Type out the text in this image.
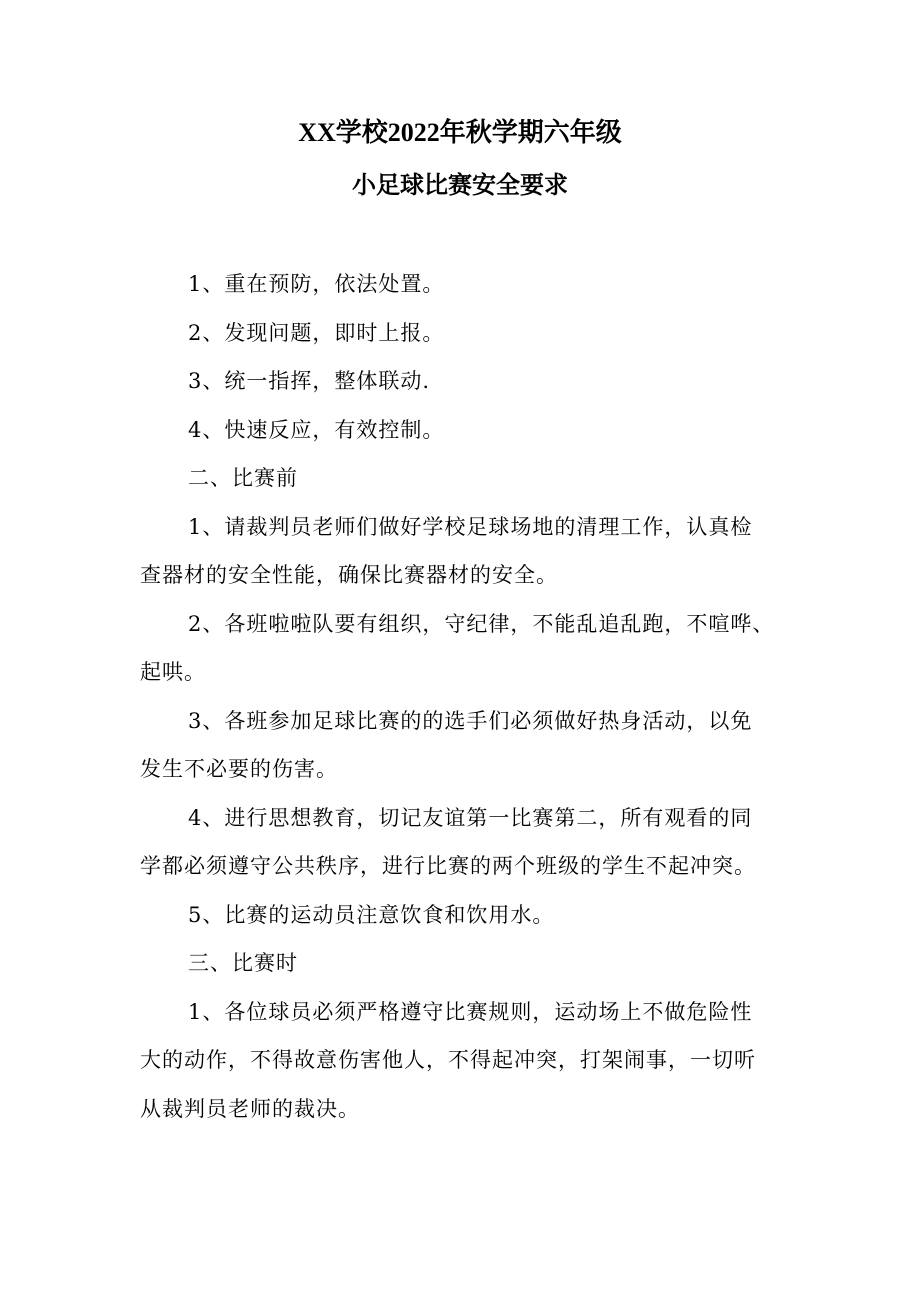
XX学校2022年秋学期六年级
小足球比赛安全要求

1、重在预防，依法处置。

2、发现问题，即时上报。

3、统一指挥，整体联动.

4、快速反应，有效控制。

二、比赛前

1、请裁判员老师们做好学校足球场地的清理工作，认真检

查器材的安全性能，确保比赛器材的安全。

2、各班啦啦队要有组织，守纪律，不能乱追乱跑，不喧哗、

起哄。

3、各班参加足球比赛的的选手们必须做好热身活动，以免

发生不必要的伤害。

4、进行思想教育，切记友谊第一比赛第二，所有观看的同

学都必须遵守公共秩序，进行比赛的两个班级的学生不起冲突。

5、比赛的运动员注意饮食和饮用水。

三、比赛时

1、各位球员必须严格遵守比赛规则，运动场上不做危险性

大的动作，不得故意伤害他人，不得起冲突，打架闹事，一切听

从裁判员老师的裁决。
